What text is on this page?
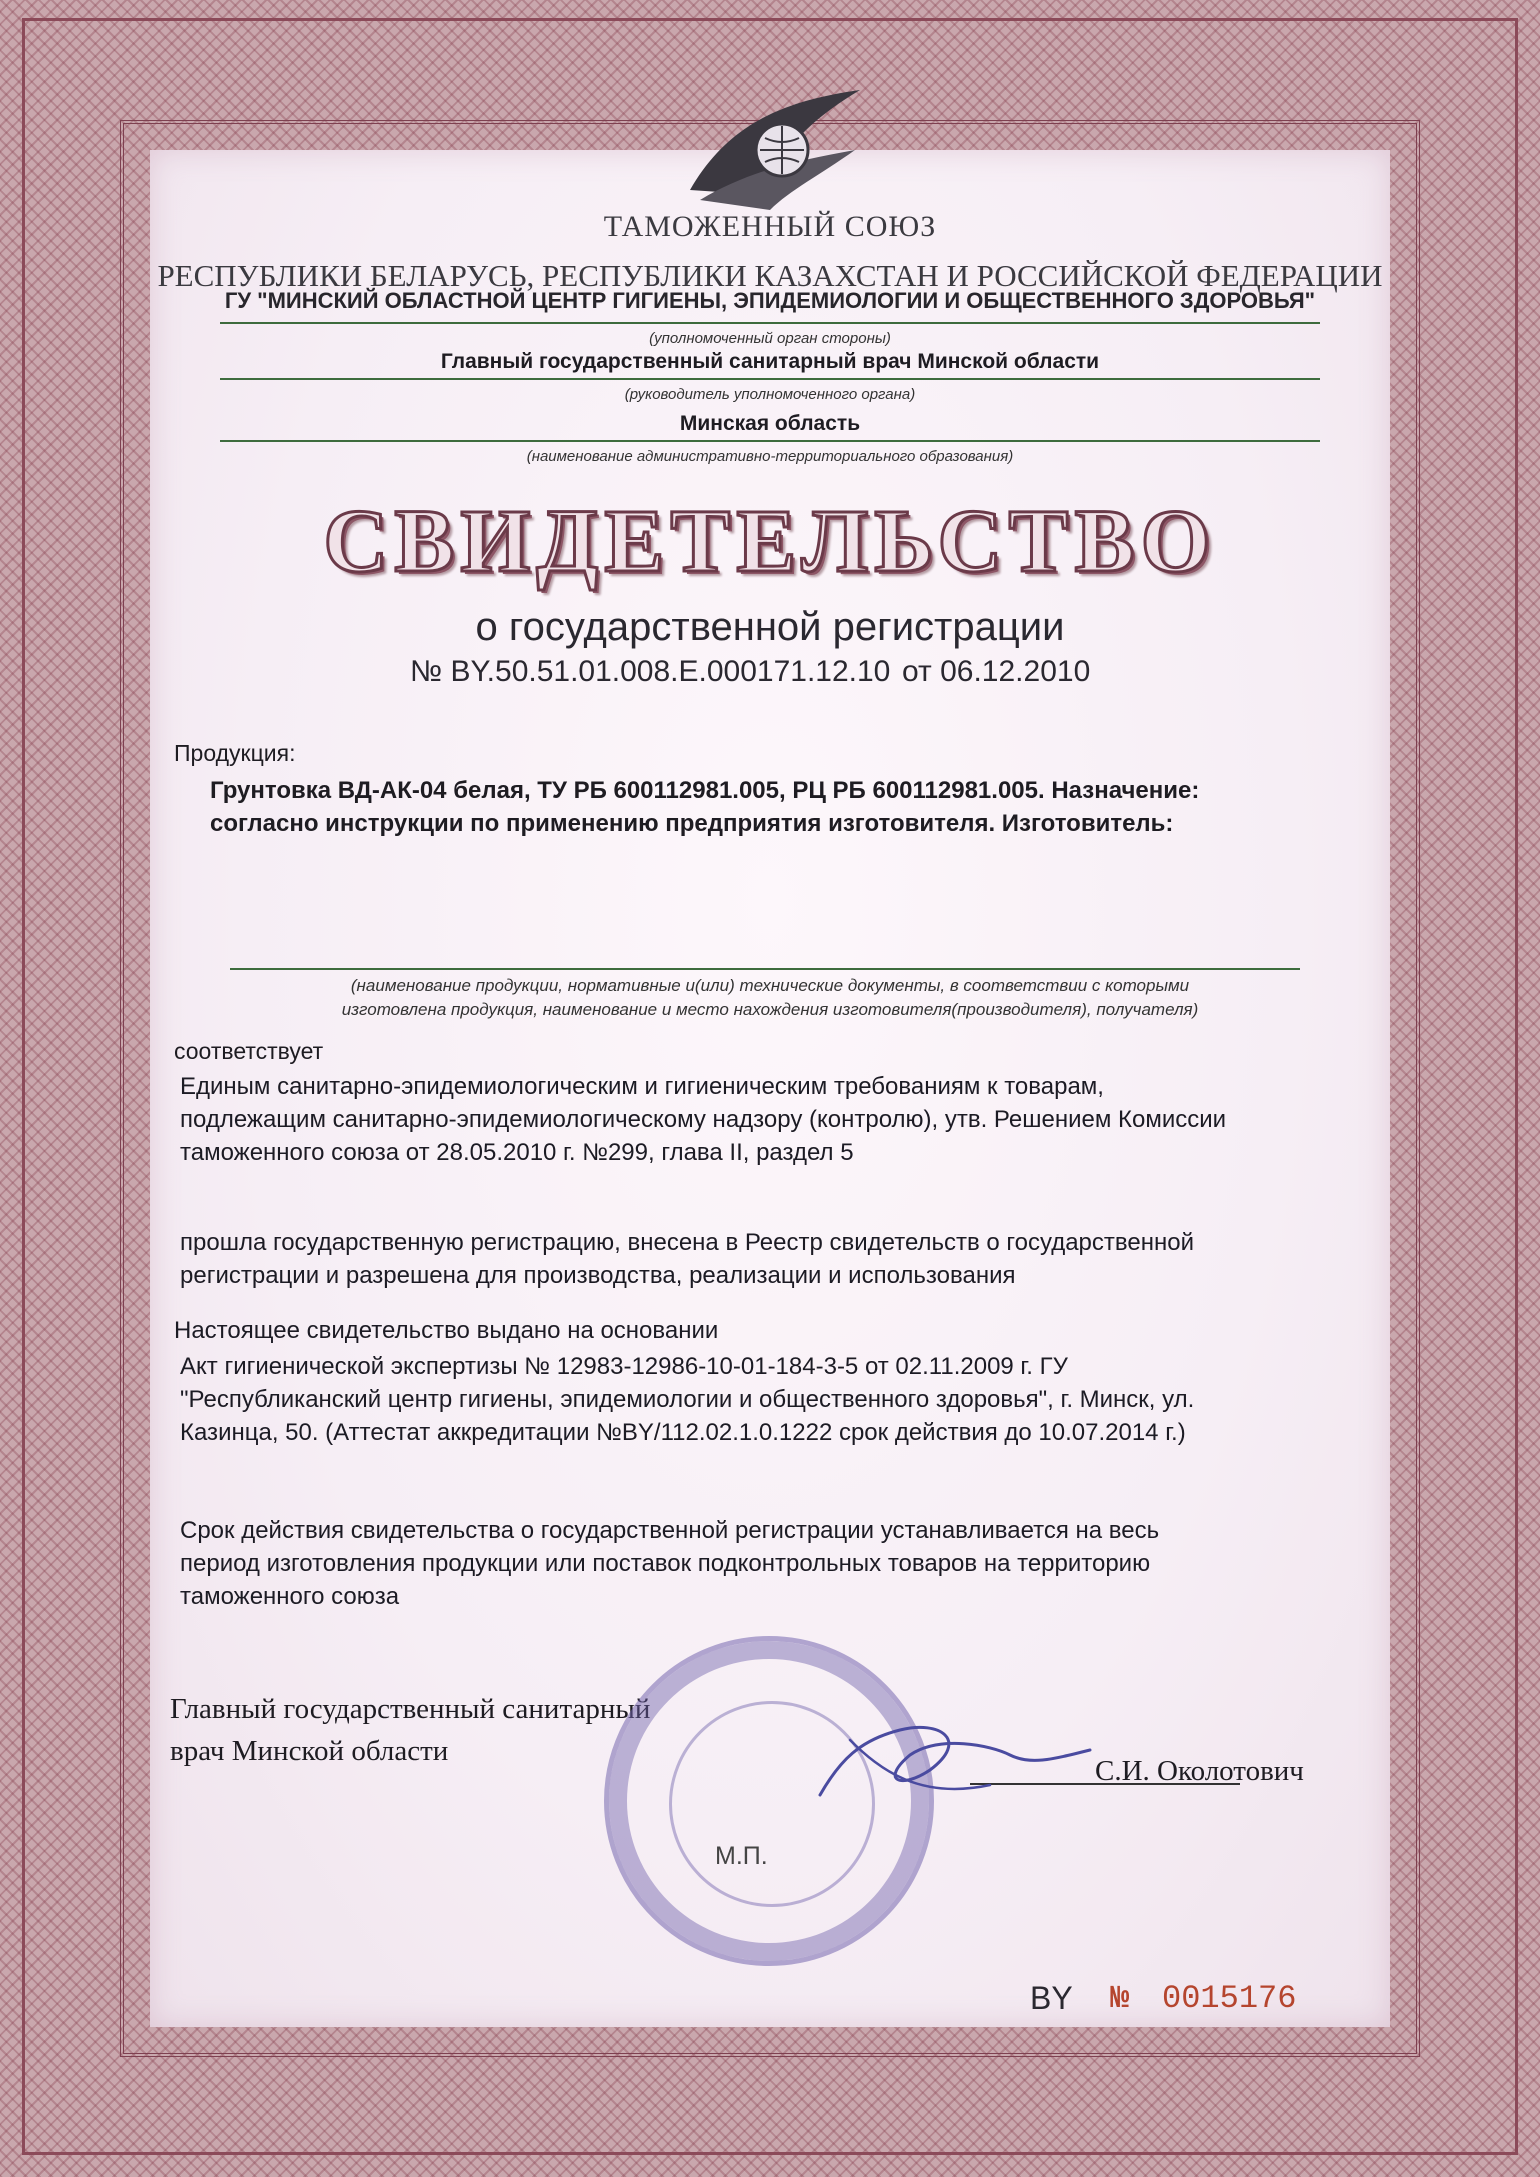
ТАМОЖЕННЫЙ СОЮЗ
РЕСПУБЛИКИ БЕЛАРУСЬ, РЕСПУБЛИКИ КАЗАХСТАН И РОССИЙСКОЙ ФЕДЕРАЦИИ
ГУ "МИНСКИЙ ОБЛАСТНОЙ ЦЕНТР ГИГИЕНЫ, ЭПИДЕМИОЛОГИИ И ОБЩЕСТВЕННОГО ЗДОРОВЬЯ"
(уполномоченный орган стороны)
Главный государственный санитарный врач Минской области
(руководитель уполномоченного органа)
Минская область
(наименование административно-территориального образования)
СВИДЕТЕЛЬСТВО
о государственной регистрации
№ BY.50.51.01.008.E.000171.12.10 от 06.12.2010
Продукция:
Грунтовка ВД-АК-04 белая, ТУ РБ 600112981.005, РЦ РБ 600112981.005. Назначение:
согласно инструкции по применению предприятия изготовителя. Изготовитель:
(наименование продукции, нормативные и(или) технические документы, в соответствии с которыми
изготовлена продукция, наименование и место нахождения изготовителя(производителя), получателя)
соответствует
Единым санитарно-эпидемиологическим и гигиеническим требованиям к товарам,
подлежащим санитарно-эпидемиологическому надзору (контролю), утв. Решением Комиссии
таможенного союза от 28.05.2010 г. №299, глава II, раздел 5
прошла государственную регистрацию, внесена в Реестр свидетельств о государственной
регистрации и разрешена для производства, реализации и использования
Настоящее свидетельство выдано на основании
Акт гигиенической экспертизы № 12983-12986-10-01-184-3-5 от 02.11.2009 г. ГУ
"Республиканский центр гигиены, эпидемиологии и общественного здоровья", г. Минск, ул.
Казинца, 50. (Аттестат аккредитации №BY/112.02.1.0.1222 срок действия до 10.07.2014 г.)
Срок действия свидетельства о государственной регистрации устанавливается на весь
период изготовления продукции или поставок подконтрольных товаров на территорию
таможенного союза
Главный государственный санитарный
врач Минской области
С.И. Околотович
М.П.
BY № 0015176
